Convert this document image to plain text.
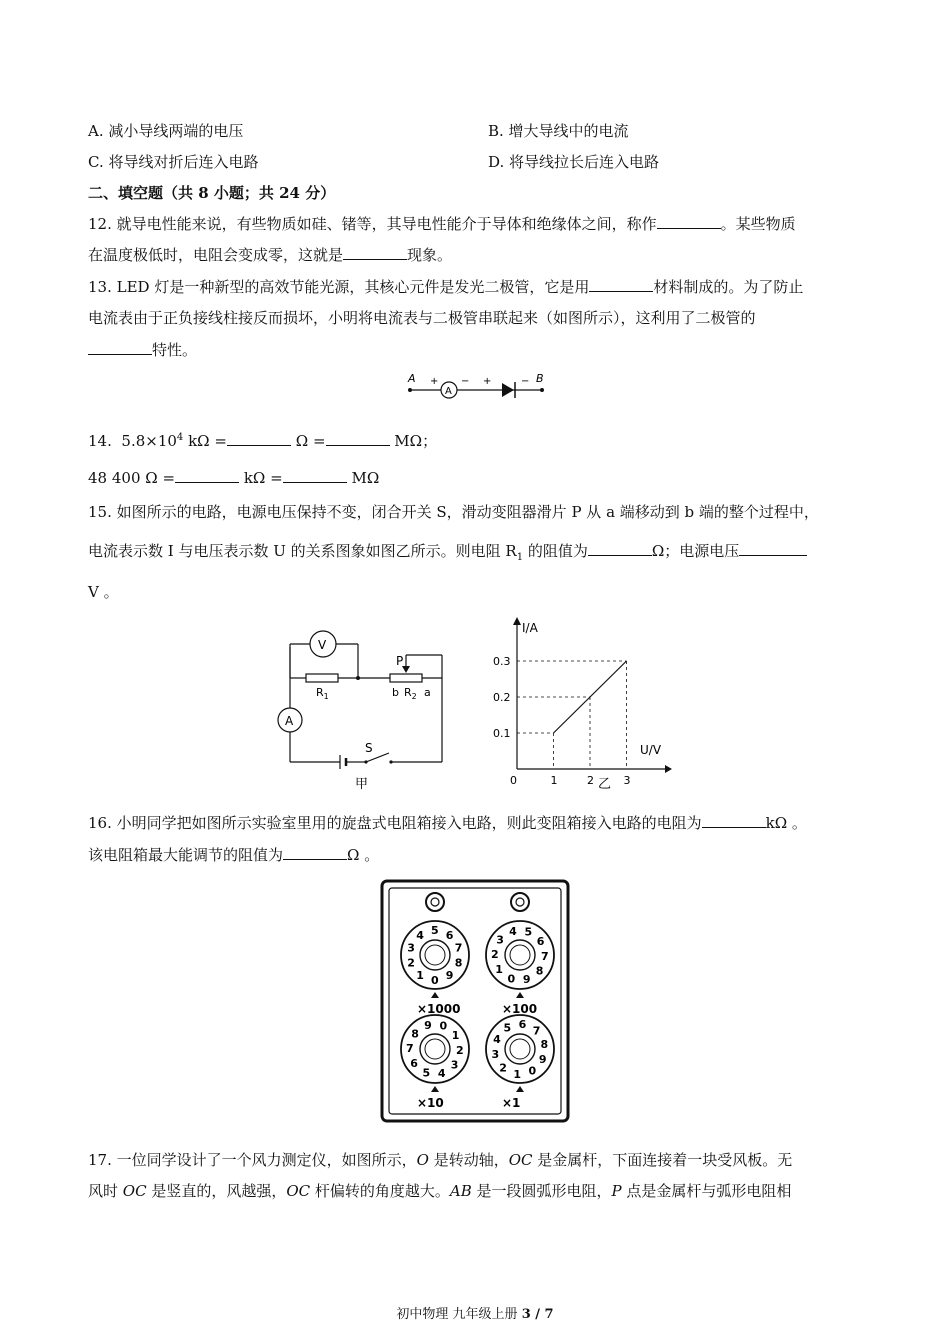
A. 减小导线两端的电压	B. 增大导线中的电流
C. 将导线对折后连入电路	D. 将导线拉长后连入电路
二、填空题（共 8 小题；共 24 分）
12. 就导电性能来说，有些物质如硅、锗等，其导电性能介于导体和绝缘体之间，称作	。某些物质
在温度极低时，电阻会变成零，这就是	现象。
13. LED 灯是一种新型的高效节能光源，其核心元件是发光二极管，它是用	材料制成的。为了防止
电流表由于正负接线柱接反而损坏，小明将电流表与二极管串联起来（如图所示），这利用了二极管的
特性。
A	B
+
A
− +	−
14. $5.8\times 10^4$ kΩ =	Ω =	MΩ；
48 400 Ω =	kΩ =	MΩ
15. 如图所示的电路，电源电压保持不变，闭合开关 S，滑动变阻器滑片 P 从 a 端移动到 b 端的整个过程中，
电流表示数 I 与电压表示数 U 的关系图象如图乙所示。则电阻 $R_1$ 的阻值为	Ω；电源电压
V 。
V
$R_1$
P
b $R_2$ a
A
S
甲
I/A
U/V
0	1	2	3
0.1
0.2
0.3
乙
16. 小明同学把如图所示实验室里用的旋盘式电阻箱接入电路，则此变阻箱接入电路的电阻为	kΩ 。
该电阻箱最大能调节的阻值为	Ω 。
0
1
2
3
4 5 6
7
8
9
×1000
0
1
2
3
4 5
6
7
8
9
×100
0
1
2
3
4
5
6
7
8
9
×10
0
1
2
3
4
5 6 7
8
9
×1
17. 一位同学设计了一个风力测定仪，如图所示，O 是转动轴，OC 是金属杆，下面连接着一块受风板。无
风时 OC 是竖直的，风越强，OC 杆偏转的角度越大。AB 是一段圆弧形电阻，P 点是金属杆与弧形电阻相
初中物理 九年级上册 3 / 7
